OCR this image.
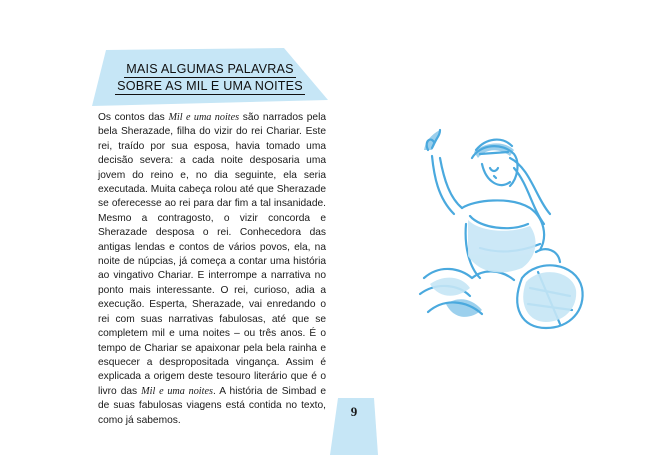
MAIS ALGUMAS PALAVRAS
SOBRE AS MIL E UMA NOITES

Os contos das Mil e uma noites são narrados pela bela Sherazade, filha do vizir do rei Chariar. Este rei, traído por sua esposa, havia tomado uma decisão severa: a cada noite desposaria uma jovem do reino e, no dia seguinte, ela seria executada. Muita cabeça rolou até que Sherazade se oferecesse ao rei para dar fim a tal insanidade. Mesmo a contragosto, o vizir concorda e Sherazade desposa o rei. Conhecedora das antigas lendas e contos de vários povos, ela, na noite de núpcias, já começa a contar uma história ao vingativo Chariar. E interrompe a narrativa no ponto mais interessante. O rei, curioso, adia a execução. Esperta, Sherazade, vai enredando o rei com suas narrativas fabulosas, até que se completem mil e uma noites – ou três anos. É o tempo de Chariar se apaixonar pela bela rainha e esquecer a despropositada vingança. Assim é explicada a origem deste tesouro literário que é o livro das Mil e uma noites. A história de Simbad e de suas fabulosas viagens está contida no texto, como já sabemos.

9
